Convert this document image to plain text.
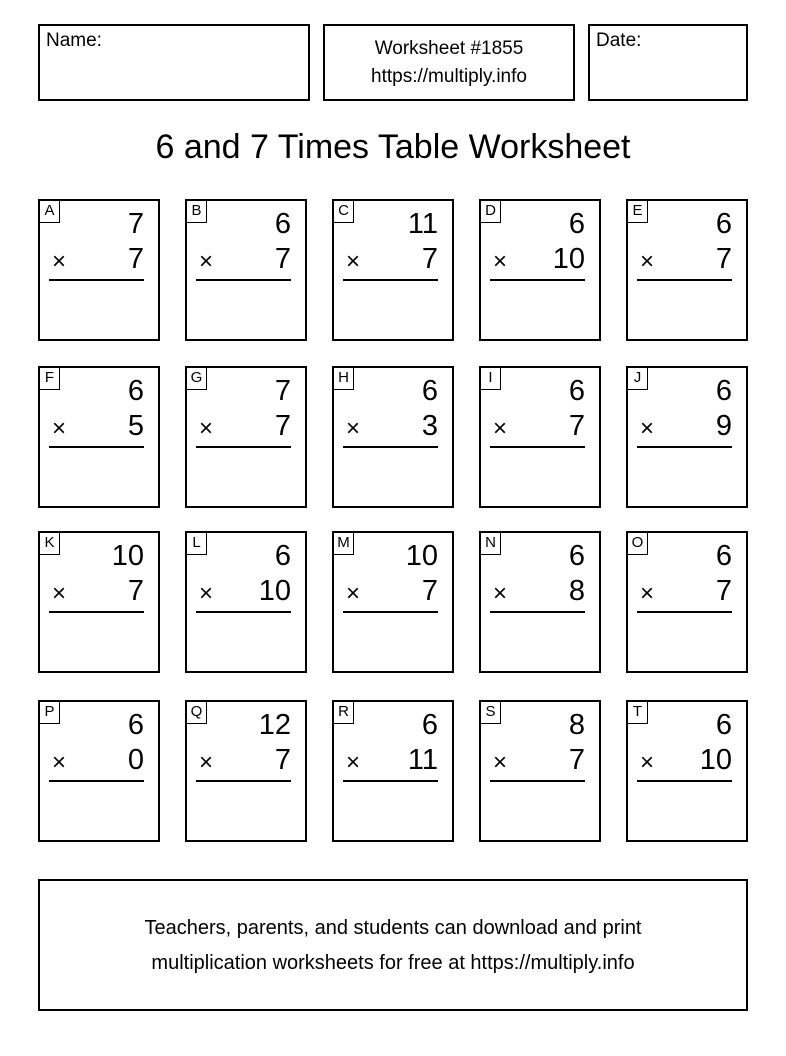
Name:	Worksheet #1855
https://multiply.info
Date:
6 and 7 Times Table Worksheet
A	7
× 7
B	6
× 7
C 11
× 7
D	6
× 10
E	6
× 7
F	6
× 5
G	7
× 7
H	6
× 3
I	6
× 7
J	6
× 9
K 10
× 7
L	6
× 10
M 10
× 7
N	6
× 8
O	6
× 7
P	6
× 0
Q 12
× 7
R	6
× 11
S	8
× 7
T	6
× 10
Teachers, parents, and students can download and print
multiplication worksheets for free at https://multiply.info
